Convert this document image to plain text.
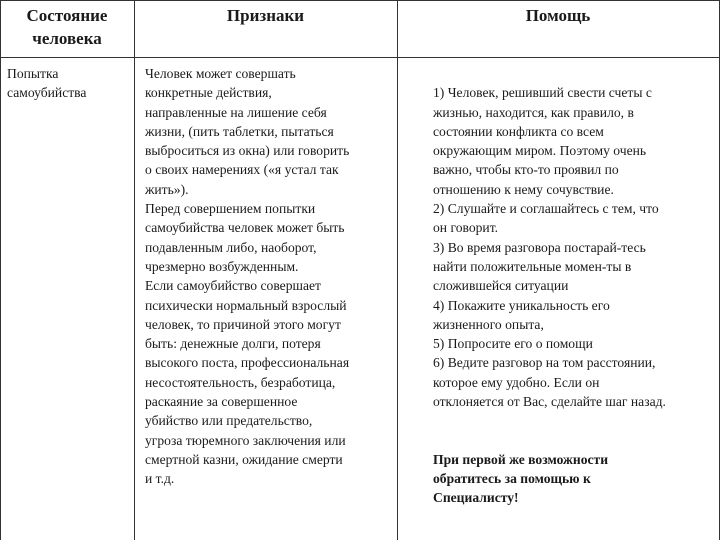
Состояние
человека
Признаки	Помощь
Попытка
самоубийства
Человек может совершать
конкретные действия,
направленные на лишение себя
жизни, (пить таблетки, пытаться
выброситься из окна) или говорить
о своих намерениях («я устал так
жить»).
Перед совершением попытки
самоубийства человек может быть
подавленным либо, наоборот,
чрезмерно возбужденным.
Если самоубийство совершает
психически нормальный взрослый
человек, то причиной этого могут
быть: денежные долги, потеря
высокого поста, профессиональная
несостоятельность, безработица,
раскаяние за совершенное
убийство или предательство,
угроза тюремного заключения или
смертной казни, ожидание смерти
и т.д.

1) Человек, решивший свести счеты с
жизнью, находится, как правило, в
состоянии конфликта со всем
окружающим миром. Поэтому очень
важно, чтобы кто-то проявил по
отношению к нему сочувствие.
2) Слушайте и соглашайтесь с тем, что
он говорит.
3) Во время разговора постарай-тесь
найти положительные момен-ты в
сложившейся ситуации
4) Покажите уникальность его
жизненного опыта,
5) Попросите его о помощи
6) Ведите разговор на том расстоянии,
которое ему удобно. Если он
отклоняется от Вас, сделайте шаг назад.

При первой же возможности
обратитесь за помощью к
Специалисту!
